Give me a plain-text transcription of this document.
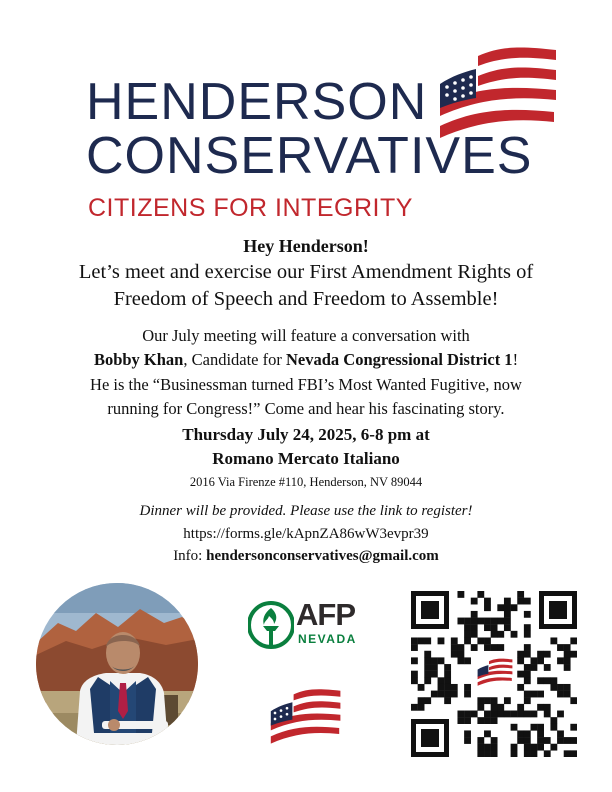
HENDERSON
CONSERVATIVES
CITIZENS FOR INTEGRITY
Hey Henderson!
Let’s meet and exercise our First Amendment Rights of
Freedom of Speech and Freedom to Assemble!
Our July meeting will feature a conversation with
Bobby Khan, Candidate for Nevada Congressional District 1!
He is the “Businessman turned FBI’s Most Wanted Fugitive, now
running for Congress!” Come and hear his fascinating story.
Thursday July 24, 2025, 6-8 pm at
Romano Mercato Italiano
2016 Via Firenze #110, Henderson, NV 89044
Dinner will be provided. Please use the link to register!
https://forms.gle/kApnZA86wW3evpr39
Info: hendersonconservatives@gmail.com
AFP
NEVADA
